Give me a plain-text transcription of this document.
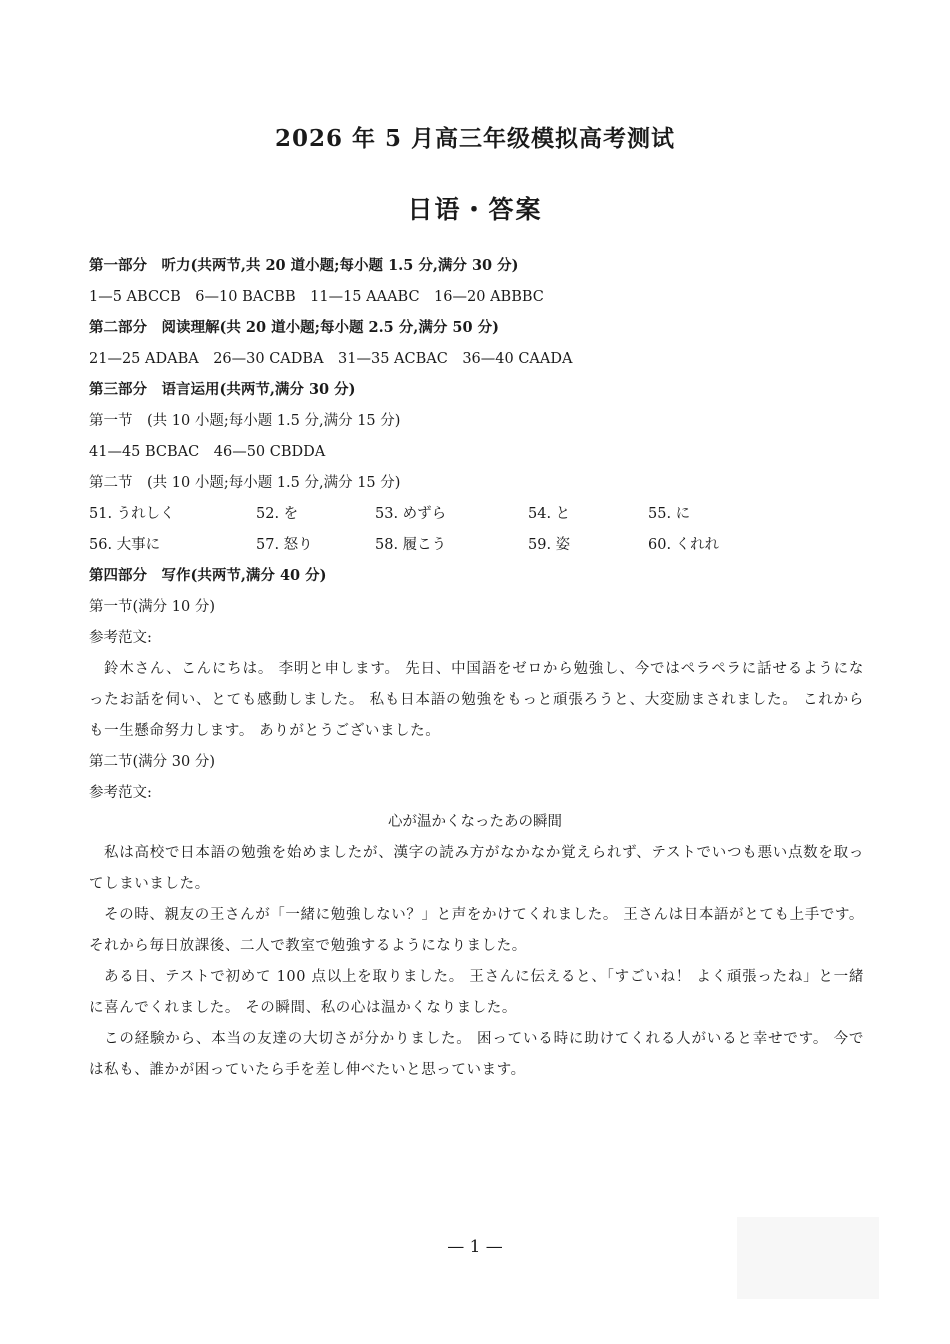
2026 年 5 月高三年级模拟高考测试
日语・答案
第一部分　听力(共两节,共 20 道小题;每小题 1.5 分,满分 30 分)
1—5 ABCCB　6—10 BACBB　11—15 AAABC　16—20 ABBBC
第二部分　阅读理解(共 20 道小题;每小题 2.5 分,满分 50 分)
21—25 ADABA　26—30 CADBA　31—35 ACBAC　36—40 CAADA
第三部分　语言运用(共两节,满分 30 分)
第一节　(共 10 小题;每小题 1.5 分,满分 15 分)
41—45 BCBAC　46—50 CBDDA
第二节　(共 10 小题;每小题 1.5 分,满分 15 分)
51. うれしく	52. を	53. めずら	54. と	55. に
56. 大事に	57. 怒り	58. 履こう	59. 姿	60. くれれ
第四部分　写作(共两节,满分 40 分)
第一节(满分 10 分)
参考范文:
鈴木さん、こんにちは。 李明と申します。 先日、中国語をゼロから勉強し、今ではペラペラに話せるようになったお話を伺い、とても感動しました。 私も日本語の勉強をもっと頑張ろうと、大変励まされました。 これからも一生懸命努力します。 ありがとうございました。
第二节(满分 30 分)
参考范文:
心が温かくなったあの瞬間
私は高校で日本語の勉強を始めましたが、漢字の読み方がなかなか覚えられず、テストでいつも悪い点数を取ってしまいました。
その時、親友の王さんが「一緒に勉強しない？」と声をかけてくれました。 王さんは日本語がとても上手です。 それから毎日放課後、二人で教室で勉強するようになりました。
ある日、テストで初めて 100 点以上を取りました。 王さんに伝えると、「すごいね！ よく頑張ったね」と一緒に喜んでくれました。 その瞬間、私の心は温かくなりました。
この経験から、本当の友達の大切さが分かりました。 困っている時に助けてくれる人がいると幸せです。 今では私も、誰かが困っていたら手を差し伸べたいと思っています。
— 1 —
